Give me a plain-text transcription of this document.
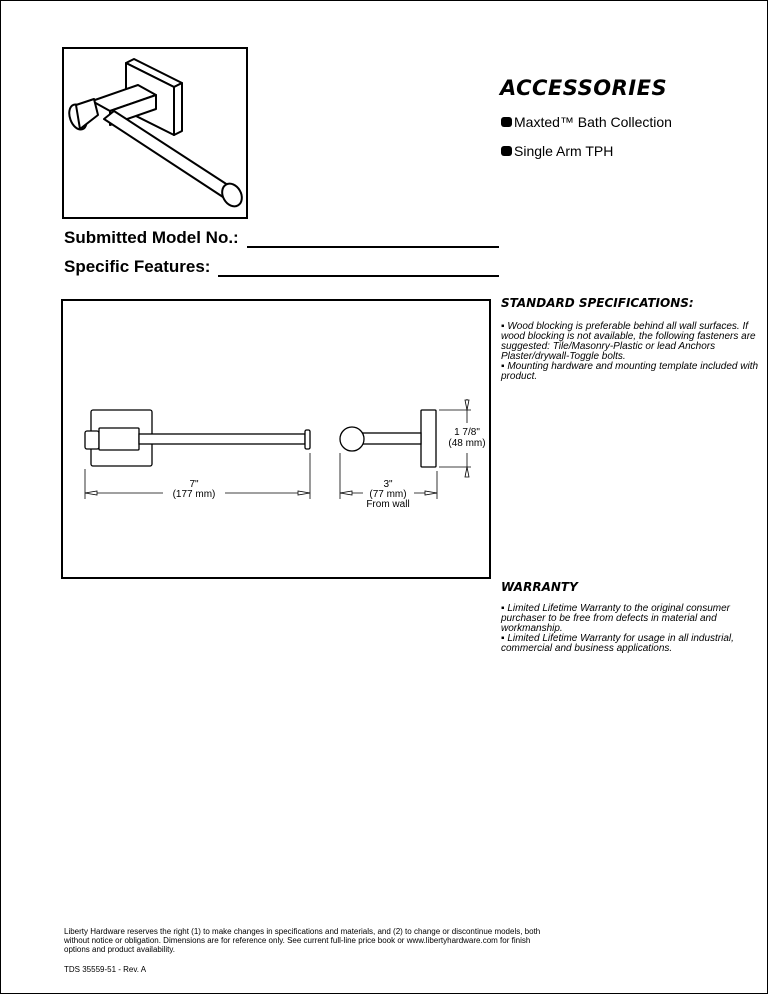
ACCESSORIES
Maxted™ Bath Collection
Single Arm TPH
Submitted Model No.:
Specific Features:
7"
(177 mm)
3"
(77 mm)
From wall
1 7/8"
(48 mm)
STANDARD SPECIFICATIONS:

▪ Wood blocking is preferable behind all wall surfaces. If wood blocking is not available, the following fasteners are suggested: Tile/Masonry-Plastic or lead Anchors Plaster/drywall-Toggle bolts.

▪ Mounting hardware and mounting template included with product.

WARRANTY

▪ Limited Lifetime Warranty to the original consumer purchaser to be free from defects in material and workmanship.

▪ Limited Lifetime Warranty for usage in all industrial, commercial and business applications.

Liberty Hardware reserves the right (1) to make changes in specifications and materials, and (2) to change or discontinue models, both without notice or obligation. Dimensions are for reference only. See current full-line price book or www.libertyhardware.com for finish options and product availability.
TDS 35559-51 - Rev. A
